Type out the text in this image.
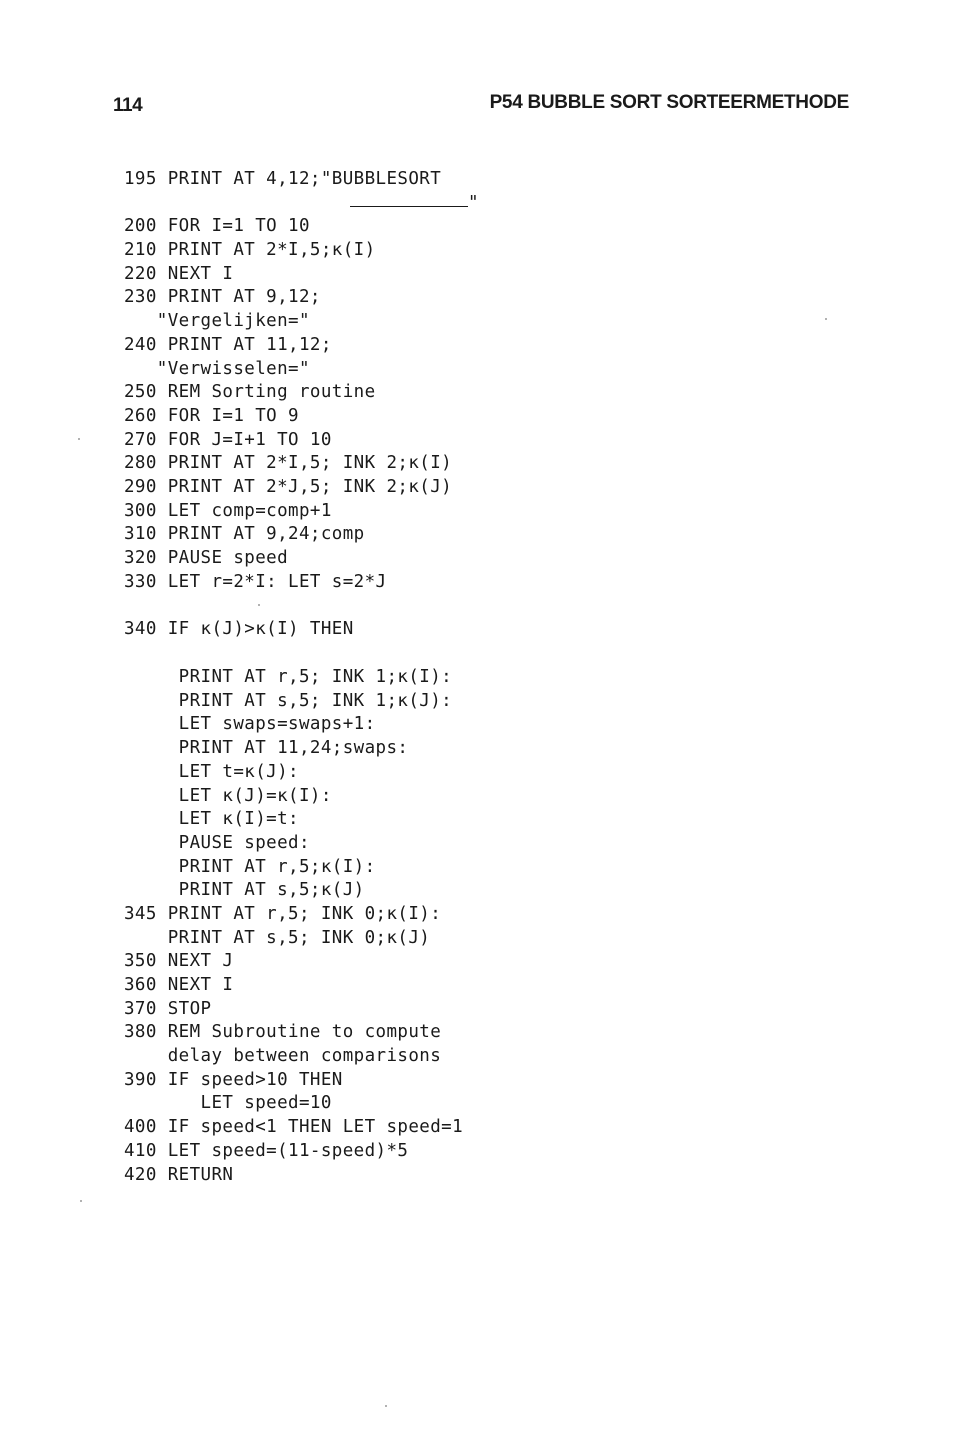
114	P54 BUBBLE SORT SORTEERMETHODE
195 PRINT AT 4,12;"BUBBLESORT
"
200 FOR I=1 TO 10
210 PRINT AT 2*I,5;κ(I)
220 NEXT I
230 PRINT AT 9,12;
"Vergelijken="
240 PRINT AT 11,12;
"Verwisselen="
250 REM Sorting routine
260 FOR I=1 TO 9
270 FOR J=I+1 TO 10
280 PRINT AT 2*I,5; INK 2;κ(I)
290 PRINT AT 2*J,5; INK 2;κ(J)
300 LET comp=comp+1
310 PRINT AT 9,24;comp
320 PAUSE speed
330 LET r=2*I: LET s=2*J
340 IF κ(J)>κ(I) THEN
PRINT AT r,5; INK 1;κ(I):
PRINT AT s,5; INK 1;κ(J):
LET swaps=swaps+1:
PRINT AT 11,24;swaps:
LET t=κ(J):
LET κ(J)=κ(I):
LET κ(I)=t:
PAUSE speed:
PRINT AT r,5;κ(I):
PRINT AT s,5;κ(J)
345 PRINT AT r,5; INK 0;κ(I):
PRINT AT s,5; INK 0;κ(J)
350 NEXT J
360 NEXT I
370 STOP
380 REM Subroutine to compute
delay between comparisons
390 IF speed>10 THEN
LET speed=10
400 IF speed<1 THEN LET speed=1
410 LET speed=(11-speed)*5
420 RETURN
